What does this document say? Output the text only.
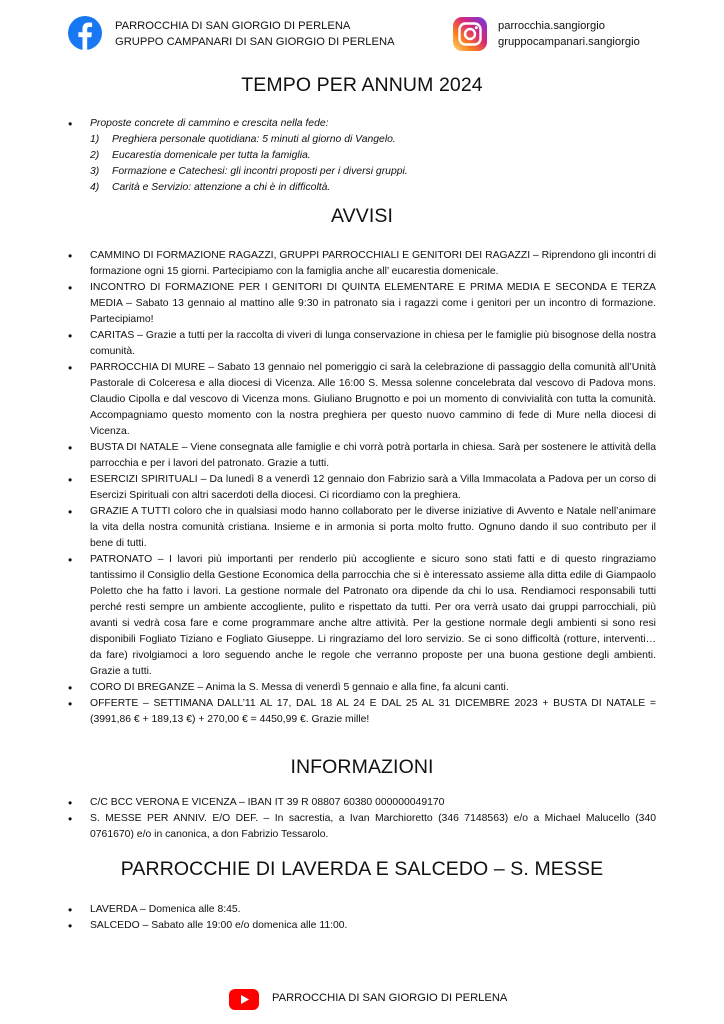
PARROCCHIA DI SAN GIORGIO DI PERLENA
GRUPPO CAMPANARI DI SAN GIORGIO DI PERLENA
parrocchia.sangiorgio
gruppocampanari.sangiorgio
TEMPO PER ANNUM 2024
• Proposte concrete di cammino e crescita nella fede:
1) Preghiera personale quotidiana: 5 minuti al giorno di Vangelo.
2) Eucarestia domenicale per tutta la famiglia.
3) Formazione e Catechesi: gli incontri proposti per i diversi gruppi.
4) Carità e Servizio: attenzione a chi è in difficoltà.
AVVISI
• CAMMINO DI FORMAZIONE RAGAZZI, GRUPPI PARROCCHIALI E GENITORI DEI RAGAZZI – Riprendono gli incontri di formazione ogni 15 giorni. Partecipiamo con la famiglia anche all’ eucarestia domenicale.
• INCONTRO DI FORMAZIONE PER I GENITORI DI QUINTA ELEMENTARE E PRIMA MEDIA E SECONDA E TERZA MEDIA – Sabato 13 gennaio al mattino alle 9:30 in patronato sia i ragazzi come i genitori per un incontro di formazione. Partecipiamo!
• CARITAS – Grazie a tutti per la raccolta di viveri di lunga conservazione in chiesa per le famiglie più bisognose della nostra comunità.
• PARROCCHIA DI MURE – Sabato 13 gennaio nel pomeriggio ci sarà la celebrazione di passaggio della comunità all’Unità Pastorale di Colceresa e alla diocesi di Vicenza. Alle 16:00 S. Messa solenne concelebrata dal vescovo di Padova mons. Claudio Cipolla e dal vescovo di Vicenza mons. Giuliano Brugnotto e poi un momento di convivialità con tutta la comunità. Accompagniamo questo momento con la nostra preghiera per questo nuovo cammino di fede di Mure nella diocesi di Vicenza.
• BUSTA DI NATALE – Viene consegnata alle famiglie e chi vorrà potrà portarla in chiesa. Sarà per sostenere le attività della parrocchia e per i lavori del patronato. Grazie a tutti.
• ESERCIZI SPIRITUALI – Da lunedì 8 a venerdì 12 gennaio don Fabrizio sarà a Villa Immacolata a Padova per un corso di Esercizi Spirituali con altri sacerdoti della diocesi. Ci ricordiamo con la preghiera.
• GRAZIE A TUTTI coloro che in qualsiasi modo hanno collaborato per le diverse iniziative di Avvento e Natale nell’animare la vita della nostra comunità cristiana. Insieme e in armonia si porta molto frutto. Ognuno dando il suo contributo per il bene di tutti.
• PATRONATO – I lavori più importanti per renderlo più accogliente e sicuro sono stati fatti e di questo ringraziamo tantissimo il Consiglio della Gestione Economica della parrocchia che si è interessato assieme alla ditta edile di Giampaolo Poletto che ha fatto i lavori. La gestione normale del Patronato ora dipende da chi lo usa. Rendiamoci responsabili tutti perché resti sempre un ambiente accogliente, pulito e rispettato da tutti. Per ora verrà usato dai gruppi parrocchiali, più avanti si vedrà cosa fare e come programmare anche altre attività. Per la gestione normale degli ambienti si sono resi disponibili Fogliato Tiziano e Fogliato Giuseppe. Li ringraziamo del loro servizio. Se ci sono difficoltà (rotture, interventi… da fare) rivolgiamoci a loro seguendo anche le regole che verranno proposte per una buona gestione degli ambienti. Grazie a tutti.
• CORO DI BREGANZE – Anima la S. Messa di venerdì 5 gennaio e alla fine, fa alcuni canti.
• OFFERTE – SETTIMANA DALL’11 AL 17, DAL 18 AL 24 E DAL 25 AL 31 DICEMBRE 2023 + BUSTA DI NATALE = (3991,86 € + 189,13 €) + 270,00 € = 4450,99 €. Grazie mille!
INFORMAZIONI
• C/C BCC VERONA E VICENZA – IBAN IT 39 R 08807 60380 000000049170
• S. MESSE PER ANNIV. E/O DEF. – In sacrestia, a Ivan Marchioretto (346 7148563) e/o a Michael Malucello (340 0761670) e/o in canonica, a don Fabrizio Tessarolo.
PARROCCHIE DI LAVERDA E SALCEDO – S. MESSE
• LAVERDA – Domenica alle 8:45.
• SALCEDO – Sabato alle 19:00 e/o domenica alle 11:00.
PARROCCHIA DI SAN GIORGIO DI PERLENA
